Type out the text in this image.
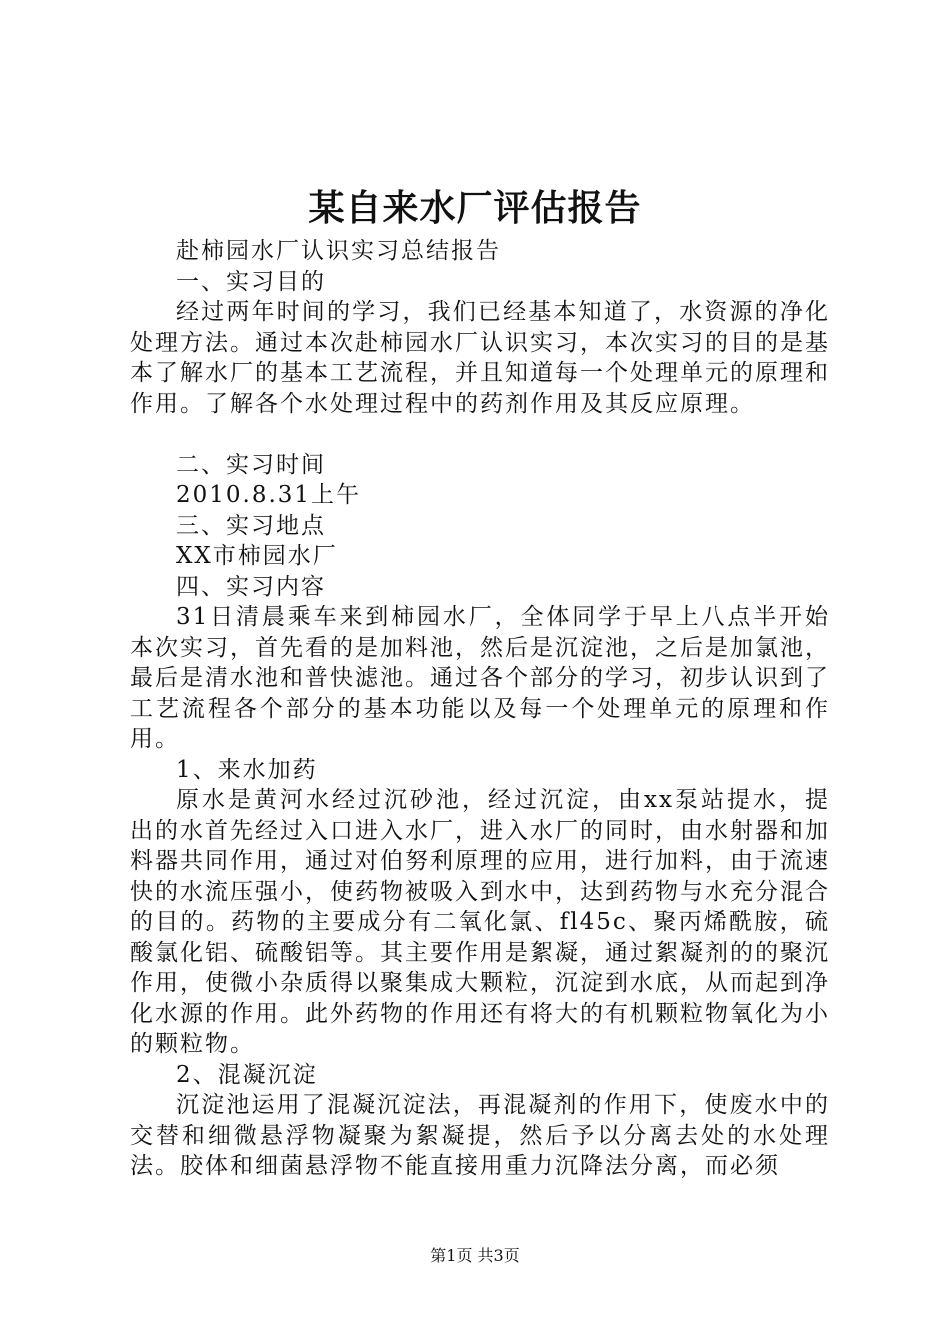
某自来水厂评估报告

赴柿园水厂认识实习总结报告

一、实习目的

经过两年时间的学习，我们已经基本知道了，水资源的净化处理方法。通过本次赴柿园水厂认识实习，本次实习的目的是基本了解水厂的基本工艺流程，并且知道每一个处理单元的原理和作用。了解各个水处理过程中的药剂作用及其反应原理。

二、实习时间

2010.8.31上午

三、实习地点

XX市柿园水厂

四、实习内容

31日清晨乘车来到柿园水厂，全体同学于早上八点半开始本次实习，首先看的是加料池，然后是沉淀池，之后是加氯池，最后是清水池和普快滤池。通过各个部分的学习，初步认识到了工艺流程各个部分的基本功能以及每一个处理单元的原理和作用。

1、来水加药

原水是黄河水经过沉砂池，经过沉淀，由xx泵站提水，提出的水首先经过入口进入水厂，进入水厂的同时，由水射器和加料器共同作用，通过对伯努利原理的应用，进行加料，由于流速快的水流压强小，使药物被吸入到水中，达到药物与水充分混合的目的。药物的主要成分有二氧化氯、fl45c、聚丙烯酰胺，硫酸氯化铝、硫酸铝等。其主要作用是絮凝，通过絮凝剂的的聚沉作用，使微小杂质得以聚集成大颗粒，沉淀到水底，从而起到净化水源的作用。此外药物的作用还有将大的有机颗粒物氧化为小的颗粒物。

2、混凝沉淀

沉淀池运用了混凝沉淀法，再混凝剂的作用下，使废水中的交替和细微悬浮物凝聚为絮凝提，然后予以分离去处的水处理法。胶体和细菌悬浮物不能直接用重力沉降法分离，而必须

第1页 共3页
